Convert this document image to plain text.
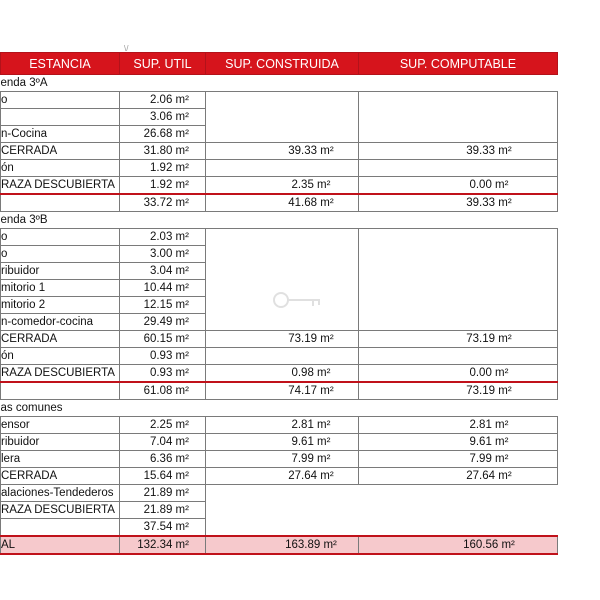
\/
ESTANCIA	SUP. UTIL	SUP. CONSTRUIDA	SUP. COMPUTABLE
enda 3ºA			
o	2.06 m²		
	3.06 m²		
n-Cocina	26.68 m²		
CERRADA	31.80 m²	39.33 m²	39.33 m²
ón	1.92 m²		
RAZA DESCUBIERTA	1.92 m²	2.35 m²	0.00 m²
	33.72 m²	41.68 m²	39.33 m²
enda 3ºB			
o	2.03 m²		
o	3.00 m²		
ribuidor	3.04 m²		
mitorio 1	10.44 m²		
mitorio 2	12.15 m²		
n-comedor-cocina	29.49 m²		
CERRADA	60.15 m²	73.19 m²	73.19 m²
ón	0.93 m²		
RAZA DESCUBIERTA	0.93 m²	0.98 m²	0.00 m²
	61.08 m²	74.17 m²	73.19 m²
as comunes			
ensor	2.25 m²	2.81 m²	2.81 m²
ribuidor	7.04 m²	9.61 m²	9.61 m²
lera	6.36 m²	7.99 m²	7.99 m²
CERRADA	15.64 m²	27.64 m²	27.64 m²
alaciones-Tendederos	21.89 m²		
RAZA DESCUBIERTA	21.89 m²		
	37.54 m²		
AL	132.34 m²	163.89 m²	160.56 m²
